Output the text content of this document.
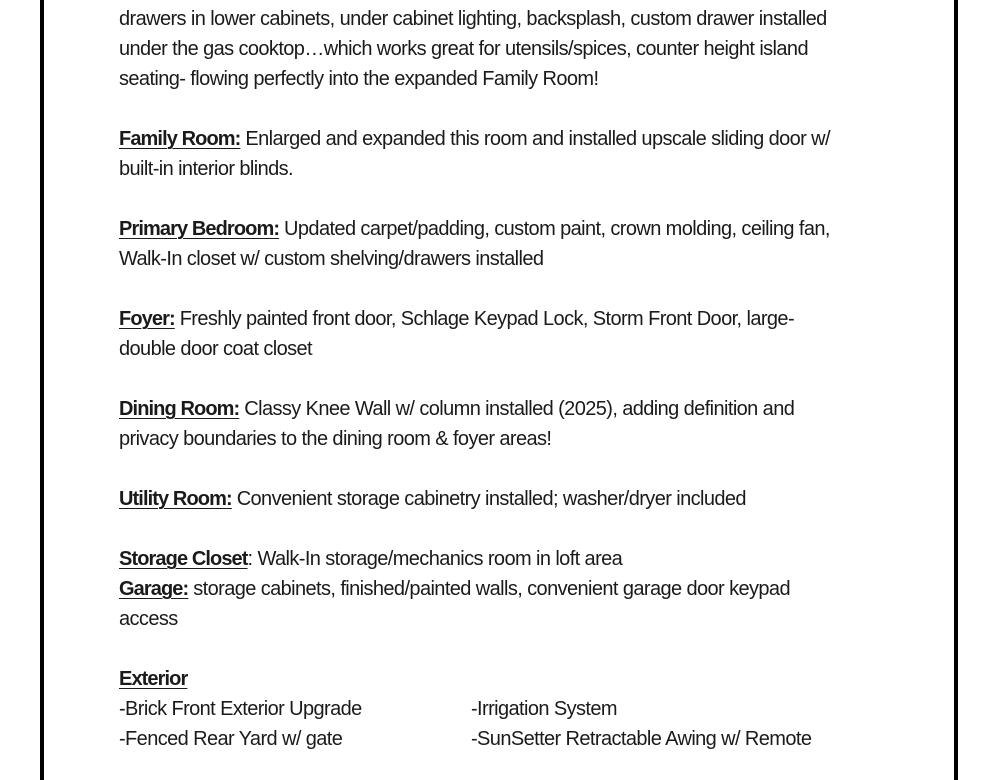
drawers in lower cabinets, under cabinet lighting, backsplash, custom drawer installed
under the gas cooktop…which works great for utensils/spices, counter height island
seating- flowing perfectly into the expanded Family Room!
Family Room: Enlarged and expanded this room and installed upscale sliding door w/
built-in interior blinds.
Primary Bedroom: Updated carpet/padding, custom paint, crown molding, ceiling fan,
Walk-In closet w/ custom shelving/drawers installed
Foyer: Freshly painted front door, Schlage Keypad Lock, Storm Front Door, large-
double door coat closet
Dining Room: Classy Knee Wall w/ column installed (2025), adding definition and
privacy boundaries to the dining room & foyer areas!
Utility Room: Convenient storage cabinetry installed; washer/dryer included
Storage Closet: Walk-In storage/mechanics room in loft area
Garage: storage cabinets, finished/painted walls, convenient garage door keypad
access
Exterior
-Brick Front Exterior Upgrade	-Irrigation System
-Fenced Rear Yard w/ gate	-SunSetter Retractable Awing w/ Remote
